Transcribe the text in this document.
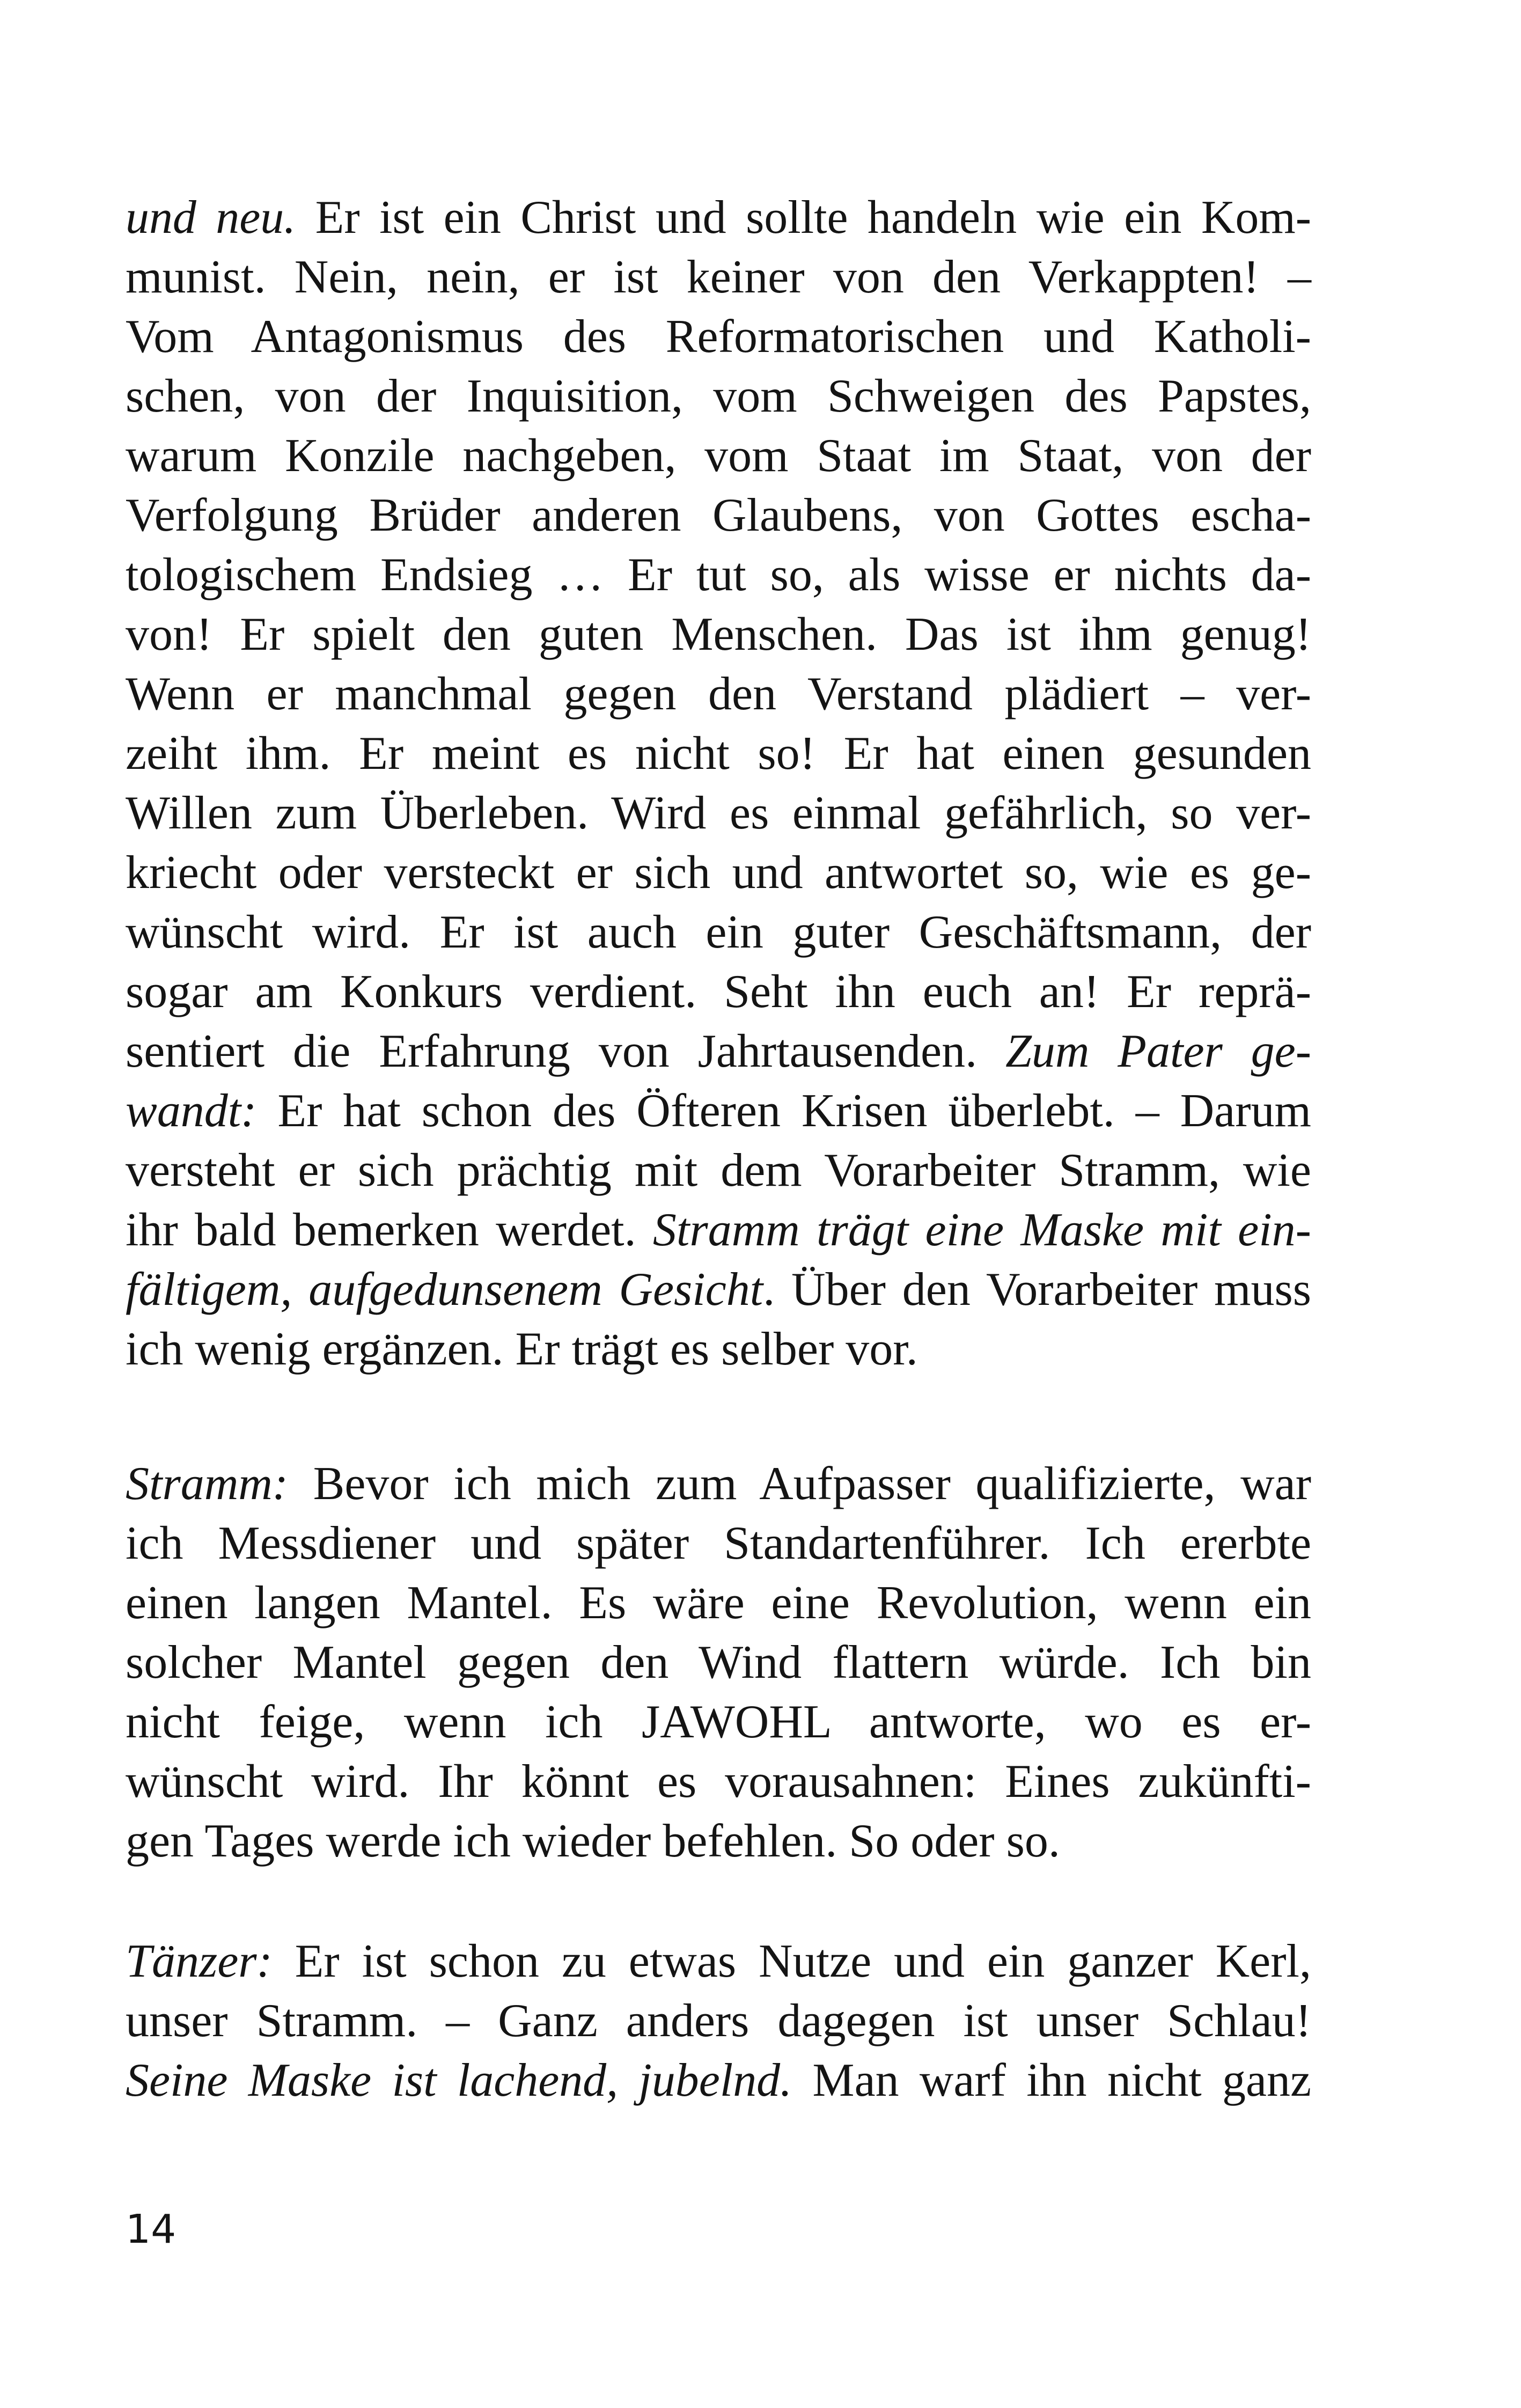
und neu. Er ist ein Christ und sollte handeln wie ein Kom-
munist. Nein, nein, er ist keiner von den Verkappten! –
Vom Antagonismus des Reformatorischen und Katholi-
schen, von der Inquisition, vom Schweigen des Papstes,
warum Konzile nachgeben, vom Staat im Staat, von der
Verfolgung Brüder anderen Glaubens, von Gottes escha-
tologischem Endsieg … Er tut so, als wisse er nichts da-
von! Er spielt den guten Menschen. Das ist ihm genug!
Wenn er manchmal gegen den Verstand plädiert – ver-
zeiht ihm. Er meint es nicht so! Er hat einen gesunden
Willen zum Überleben. Wird es einmal gefährlich, so ver-
kriecht oder versteckt er sich und antwortet so, wie es ge-
wünscht wird. Er ist auch ein guter Geschäftsmann, der
sogar am Konkurs verdient. Seht ihn euch an! Er reprä-
sentiert die Erfahrung von Jahrtausenden. Zum Pater ge-
wandt: Er hat schon des Öfteren Krisen überlebt. – Darum
versteht er sich prächtig mit dem Vorarbeiter Stramm, wie
ihr bald bemerken werdet. Stramm trägt eine Maske mit ein-
fältigem, aufgedunsenem Gesicht. Über den Vorarbeiter muss
ich wenig ergänzen. Er trägt es selber vor.
Stramm: Bevor ich mich zum Aufpasser qualifizierte, war
ich Messdiener und später Standartenführer. Ich ererbte
einen langen Mantel. Es wäre eine Revolution, wenn ein
solcher Mantel gegen den Wind flattern würde. Ich bin
nicht feige, wenn ich JAWOHL antworte, wo es er-
wünscht wird. Ihr könnt es vorausahnen: Eines zukünfti-
gen Tages werde ich wieder befehlen. So oder so.
Tänzer: Er ist schon zu etwas Nutze und ein ganzer Kerl,
unser Stramm. – Ganz anders dagegen ist unser Schlau!
Seine Maske ist lachend, jubelnd. Man warf ihn nicht ganz
14
